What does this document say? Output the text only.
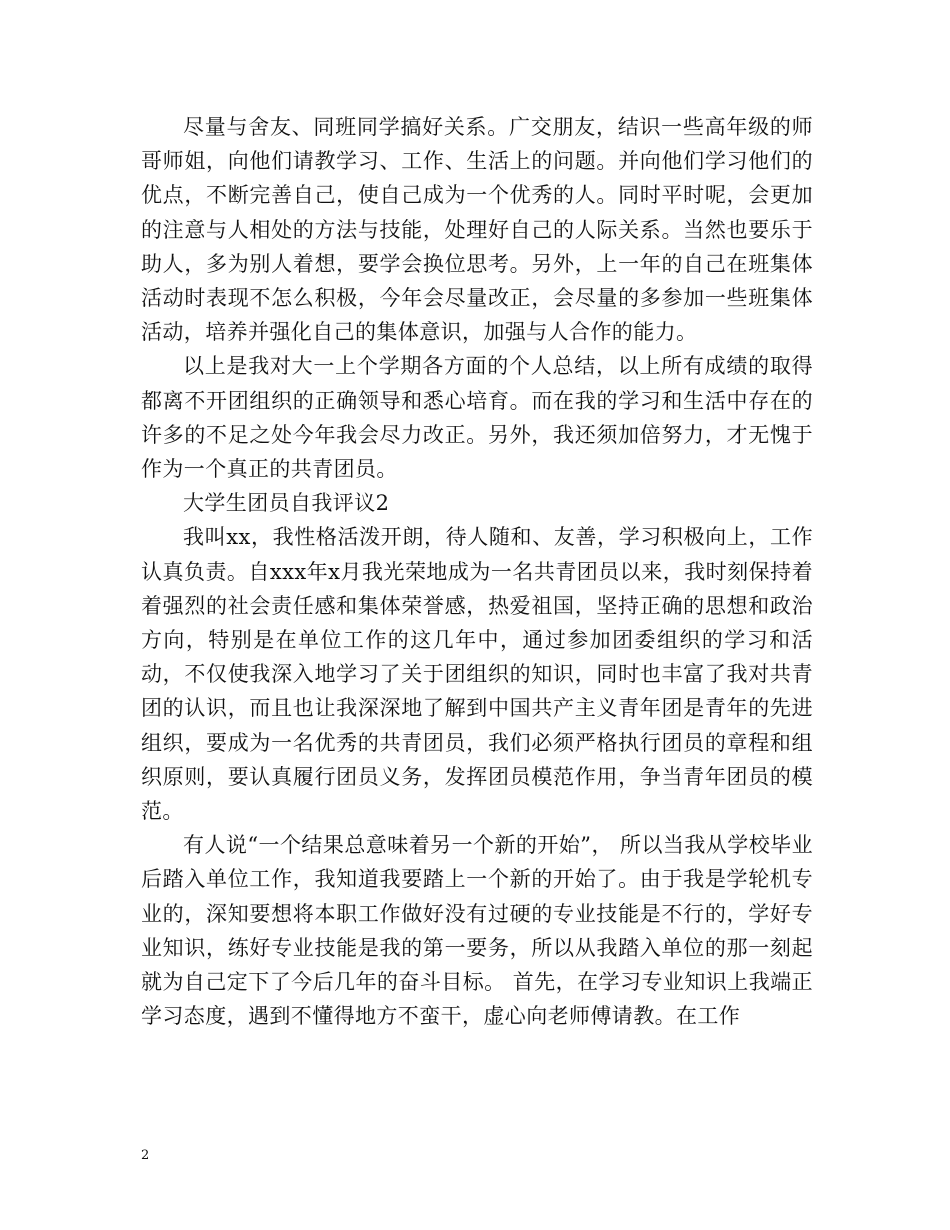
尽量与舍友、同班同学搞好关系。广交朋友，结识一些高年级的师哥师姐，向他们请教学习、工作、生活上的问题。并向他们学习他们的优点，不断完善自己，使自己成为一个优秀的人。同时平时呢，会更加的注意与人相处的方法与技能，处理好自己的人际关系。当然也要乐于助人，多为别人着想，要学会换位思考。另外，上一年的自己在班集体活动时表现不怎么积极，今年会尽量改正，会尽量的多参加一些班集体活动，培养并强化自己的集体意识，加强与人合作的能力。

以上是我对大一上个学期各方面的个人总结，以上所有成绩的取得都离不开团组织的正确领导和悉心培育。而在我的学习和生活中存在的许多的不足之处今年我会尽力改正。另外，我还须加倍努力，才无愧于作为一个真正的共青团员。

大学生团员自我评议2

我叫xx，我性格活泼开朗，待人随和、友善，学习积极向上，工作认真负责。自xxx年x月我光荣地成为一名共青团员以来，我时刻保持着着强烈的社会责任感和集体荣誉感，热爱祖国，坚持正确的思想和政治方向，特别是在单位工作的这几年中，通过参加团委组织的学习和活动，不仅使我深入地学习了关于团组织的知识，同时也丰富了我对共青团的认识，而且也让我深深地了解到中国共产主义青年团是青年的先进组织，要成为一名优秀的共青团员，我们必须严格执行团员的章程和组织原则，要认真履行团员义务，发挥团员模范作用，争当青年团员的模范。

有人说“一个结果总意味着另一个新的开始”， 所以当我从学校毕业后踏入单位工作，我知道我要踏上一个新的开始了。由于我是学轮机专业的，深知要想将本职工作做好没有过硬的专业技能是不行的，学好专业知识，练好专业技能是我的第一要务，所以从我踏入单位的那一刻起就为自己定下了今后几年的奋斗目标。 首先，在学习专业知识上我端正学习态度，遇到不懂得地方不蛮干，虚心向老师傅请教。在工作

2
